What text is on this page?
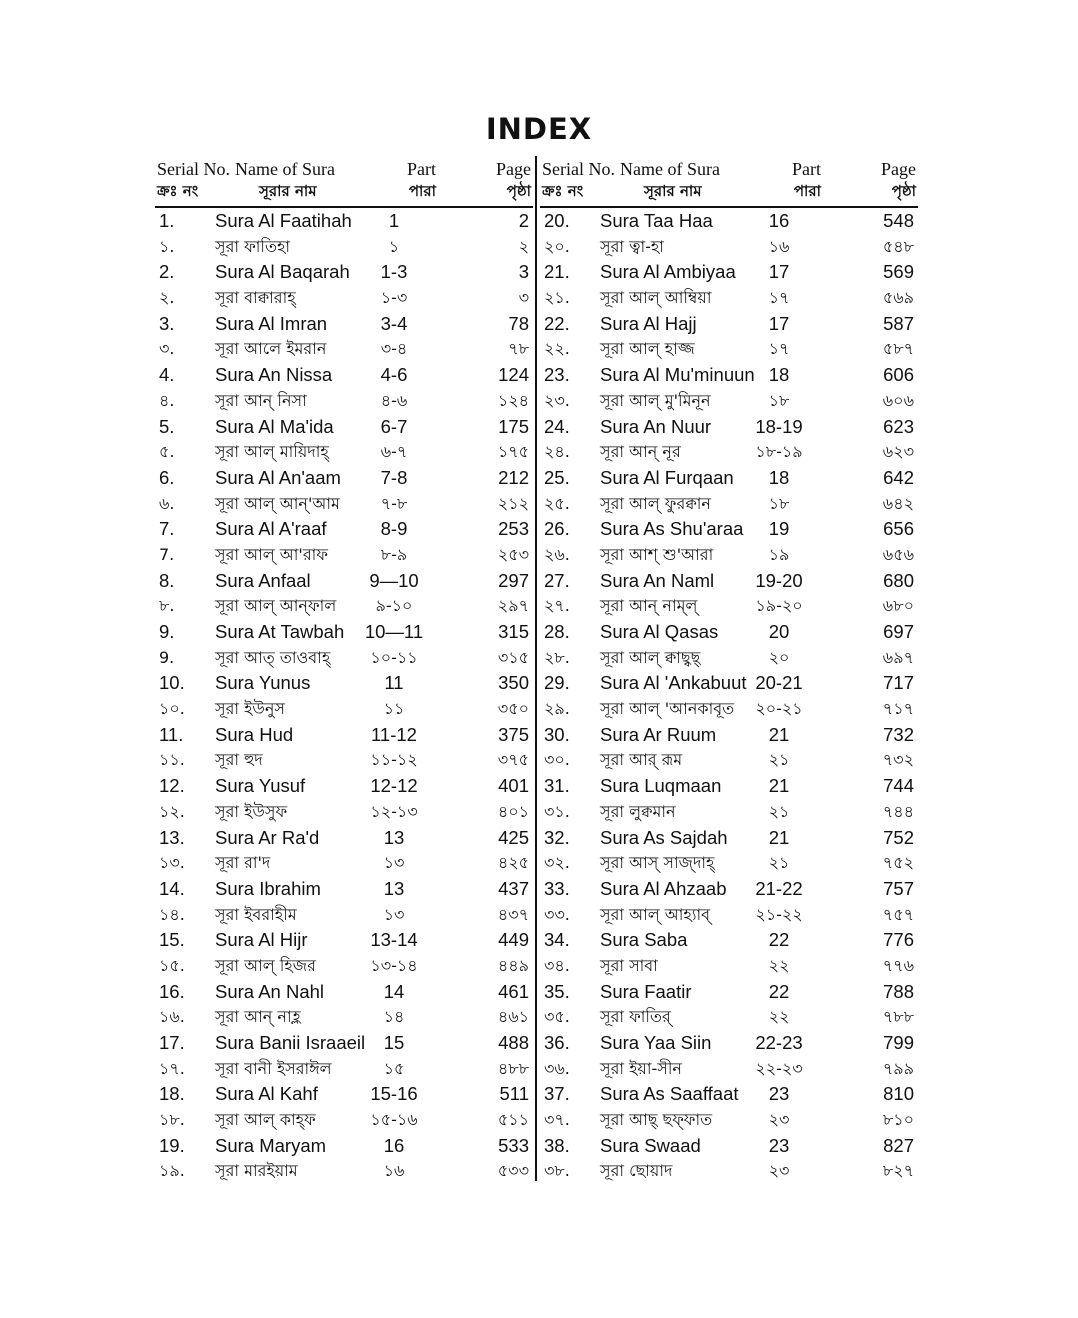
INDEX
Serial No. Name of Sura	Part	Page
ক্রঃ নং	সূরার নাম	পারা	পৃষ্ঠা
1.	Sura Al Faatihah	1	2
১.	সূরা ফাতিহা	১	২
2.	Sura Al Baqarah	1-3	3
২.	সূরা বাক্বারাহ্	১-৩	৩
3.	Sura Al Imran	3-4	78
৩.	সূরা আলে ইমরান	৩-৪	৭৮
4.	Sura An Nissa	4-6	124
৪.	সূরা আন্ নিসা	৪-৬	১২৪
5.	Sura Al Ma'ida	6-7	175
৫.	সূরা আল্ মায়িদাহ্	৬-৭	১৭৫
6.	Sura Al An'aam	7-8	212
৬.	সূরা আল্ আন্'আম	৭-৮	২১২
7.	Sura Al A'raaf	8-9	253
7.	সূরা আল্ আ'রাফ	৮-৯	২৫৩
8.	Sura Anfaal	9—10	297
৮.	সূরা আল্ আন্ফাল	৯-১০	২৯৭
9.	Sura At Tawbah	10—11	315
9.	সূরা আত্ তাওবাহ্	১০-১১	৩১৫
10.	Sura Yunus	11	350
১০.	সূরা ইউনুস	১১	৩৫০
11.	Sura Hud	11-12	375
১১.	সূরা হুদ	১১-১২	৩৭৫
12.	Sura Yusuf	12-12	401
১২.	সূরা ইউসুফ	১২-১৩	৪০১
13.	Sura Ar Ra'd	13	425
১৩.	সূরা রা'দ	১৩	৪২৫
14.	Sura Ibrahim	13	437
১৪.	সূরা ইবরাহীম	১৩	৪৩৭
15.	Sura Al Hijr	13-14	449
১৫.	সূরা আল্ হিজর	১৩-১৪	৪৪৯
16.	Sura An Nahl	14	461
১৬.	সূরা আন্ নাহ্ল	১৪	৪৬১
17.	Sura Banii Israaeil	15	488
১৭.	সূরা বানী ইসরাঈল	১৫	৪৮৮
18.	Sura Al Kahf	15-16	511
১৮.	সূরা আল্ কাহ্ফ	১৫-১৬	৫১১
19.	Sura Maryam	16	533
১৯.	সূরা মারইয়াম	১৬	৫৩৩
Serial No. Name of Sura	Part	Page
ক্রঃ নং	সূরার নাম	পারা	পৃষ্ঠা
20.	Sura Taa Haa	16	548
২০.	সূরা ত্বা-হা	১৬	৫৪৮
21.	Sura Al Ambiyaa	17	569
২১.	সূরা আল্ আম্বিয়া	১৭	৫৬৯
22.	Sura Al Hajj	17	587
২২.	সূরা আল্ হাজ্জ	১৭	৫৮৭
23.	Sura Al Mu'minuun 18	606
২৩.	সূরা আল্ মু'মিনূন	১৮	৬০৬
24.	Sura An Nuur	18-19	623
২৪.	সূরা আন্ নূর	১৮-১৯	৬২৩
25.	Sura Al Furqaan	18	642
২৫.	সূরা আল্ ফুরক্বান	১৮	৬৪২
26.	Sura As Shu'araa	19	656
২৬.	সূরা আশ্ শু'আরা	১৯	৬৫৬
27.	Sura An Naml	19-20	680
২৭.	সূরা আন্ নাম্ল্	১৯-২০	৬৮০
28.	Sura Al Qasas	20	697
২৮.	সূরা আল্ ক্বাছ্বছ্	২০	৬৯৭
29.	Sura Al 'Ankabuut 20-21	717
২৯.	সূরা আল্ 'আনকাবূত	২০-২১	৭১৭
30.	Sura Ar Ruum	21	732
৩০.	সূরা আর্ রূম	২১	৭৩২
31.	Sura Luqmaan	21	744
৩১.	সূরা লুক্বমান	২১	৭৪৪
32.	Sura As Sajdah	21	752
৩২.	সূরা আস্ সাজ্দাহ্	২১	৭৫২
33.	Sura Al Ahzaab	21-22	757
৩৩.	সূরা আল্ আহ্যাব্	২১-২২	৭৫৭
34.	Sura Saba	22	776
৩৪.	সূরা সাবা	২২	৭৭৬
35.	Sura Faatir	22	788
৩৫.	সূরা ফাতির্	২২	৭৮৮
36.	Sura Yaa Siin	22-23	799
৩৬.	সূরা ইয়া-সীন	২২-২৩	৭৯৯
37.	Sura As Saaffaat	23	810
৩৭.	সূরা আছ্ ছফ্ফাত	২৩	৮১০
38.	Sura Swaad	23	827
৩৮.	সূরা ছোয়াদ	২৩	৮২৭
